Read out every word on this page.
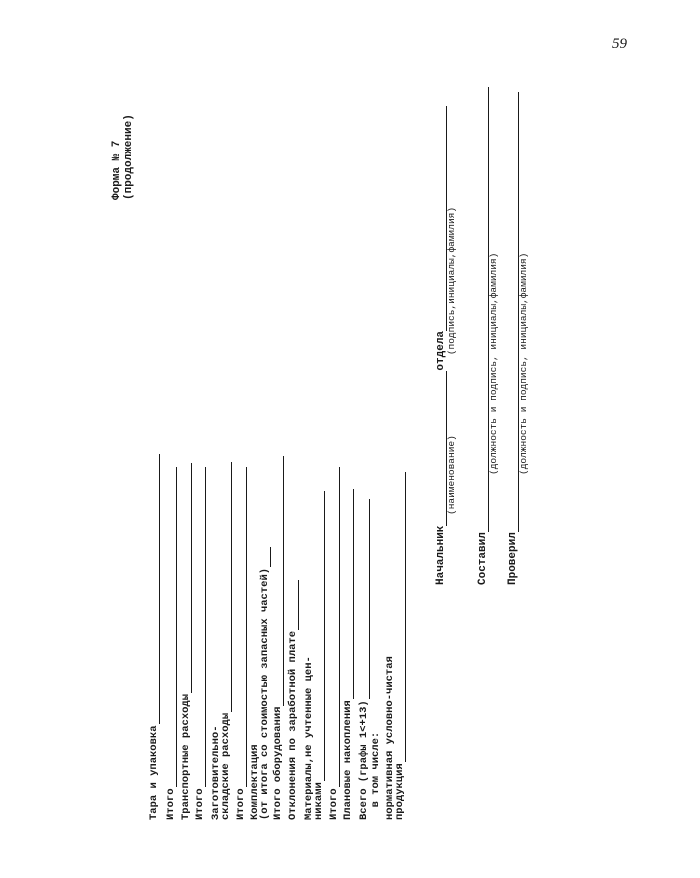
59
Форма № 7 (продолжение)
Тара и упаковка Итого Транспортные расходы Итого Заготовительно-
складские расходы Итого Комплектация
(от итога со стоимостью запасных частей) Итого оборудования Отклонения по заработной плате Материалы,не учтенные цен-
никами Итого Плановые накопления Всего (графы 1<+13) в том числе: нормативная условно-чистая
продукция
Начальник
отдела
(наименование)
(подпись,инициалы,фамилия)
Составил
(должность и подпись, инициалы,фамилия)
Проверил
(должность и подпись, инициалы,фамилия)
